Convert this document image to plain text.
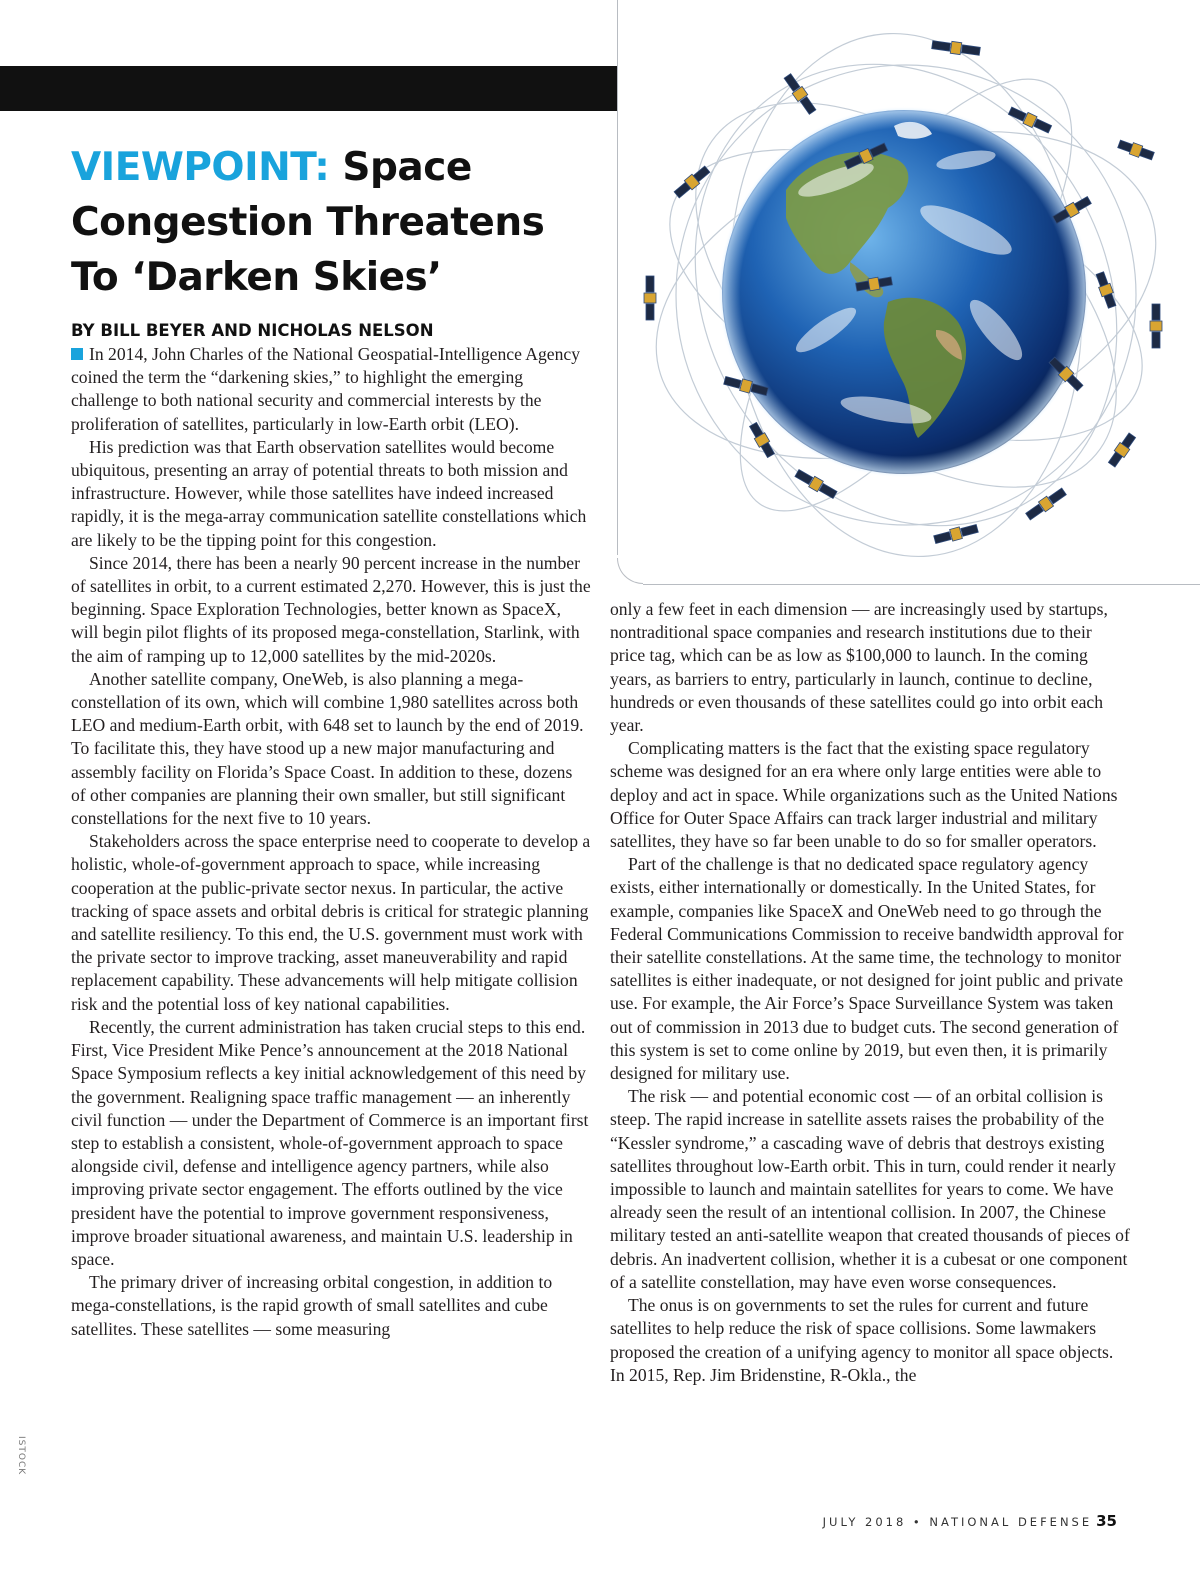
VIEWPOINT: Space Congestion Threatens To ‘Darken Skies’

BY BILL BEYER AND NICHOLAS NELSON

In 2014, John Charles of the National Geospatial-Intelligence Agency coined the term the “darkening skies,” to highlight the emerging challenge to both national security and commercial interests by the proliferation of satellites, particularly in low-Earth orbit (LEO).

His prediction was that Earth observation satellites would become ubiquitous, presenting an array of potential threats to both mission and infrastructure. However, while those satellites have indeed increased rapidly, it is the mega-array communication satellite constellations which are likely to be the tipping point for this congestion.

Since 2014, there has been a nearly 90 percent increase in the number of satellites in orbit, to a current estimated 2,270. However, this is just the beginning. Space Exploration Technologies, better known as SpaceX, will begin pilot flights of its proposed mega-constellation, Starlink, with the aim of ramping up to 12,000 satellites by the mid-2020s.

Another satellite company, OneWeb, is also planning a mega-constellation of its own, which will combine 1,980 satellites across both LEO and medium-Earth orbit, with 648 set to launch by the end of 2019. To facilitate this, they have stood up a new major manufacturing and assembly facility on Florida’s Space Coast. In addition to these, dozens of other companies are planning their own smaller, but still significant constellations for the next five to 10 years.

Stakeholders across the space enterprise need to cooperate to develop a holistic, whole-of-government approach to space, while increasing cooperation at the public-private sector nexus. In particular, the active tracking of space assets and orbital debris is critical for strategic planning and satellite resiliency. To this end, the U.S. government must work with the private sector to improve tracking, asset maneuverability and rapid replacement capability. These advancements will help mitigate collision risk and the potential loss of key national capabilities.

Recently, the current administration has taken crucial steps to this end. First, Vice President Mike Pence’s announcement at the 2018 National Space Symposium reflects a key initial acknowledgement of this need by the government. Realigning space traffic management — an inherently civil function — under the Department of Commerce is an important first step to establish a consistent, whole-of-government approach to space alongside civil, defense and intelligence agency partners, while also improving private sector engagement. The efforts outlined by the vice president have the potential to improve government responsiveness, improve broader situational awareness, and maintain U.S. leadership in space.

The primary driver of increasing orbital congestion, in addition to mega-constellations, is the rapid growth of small satellites and cube satellites. These satellites — some measuring

only a few feet in each dimension — are increasingly used by startups, nontraditional space companies and research institutions due to their price tag, which can be as low as $100,000 to launch. In the coming years, as barriers to entry, particularly in launch, continue to decline, hundreds or even thousands of these satellites could go into orbit each year.

Complicating matters is the fact that the existing space regulatory scheme was designed for an era where only large entities were able to deploy and act in space. While organizations such as the United Nations Office for Outer Space Affairs can track larger industrial and military satellites, they have so far been unable to do so for smaller operators.

Part of the challenge is that no dedicated space regulatory agency exists, either internationally or domestically. In the United States, for example, companies like SpaceX and OneWeb need to go through the Federal Communications Commission to receive bandwidth approval for their satellite constellations. At the same time, the technology to monitor satellites is either inadequate, or not designed for joint public and private use. For example, the Air Force’s Space Surveillance System was taken out of commission in 2013 due to budget cuts. The second generation of this system is set to come online by 2019, but even then, it is primarily designed for military use.

The risk — and potential economic cost — of an orbital collision is steep. The rapid increase in satellite assets raises the probability of the “Kessler syndrome,” a cascading wave of debris that destroys existing satellites throughout low-Earth orbit. This in turn, could render it nearly impossible to launch and maintain satellites for years to come. We have already seen the result of an intentional collision. In 2007, the Chinese military tested an anti-satellite weapon that created thousands of pieces of debris. An inadvertent collision, whether it is a cubesat or one component of a satellite constellation, may have even worse consequences.

The onus is on governments to set the rules for current and future satellites to help reduce the risk of space collisions. Some lawmakers proposed the creation of a unifying agency to monitor all space objects. In 2015, Rep. Jim Bridenstine, R-Okla., the

ISTOCK
JULY 2018 • NATIONAL DEFENSE 35
